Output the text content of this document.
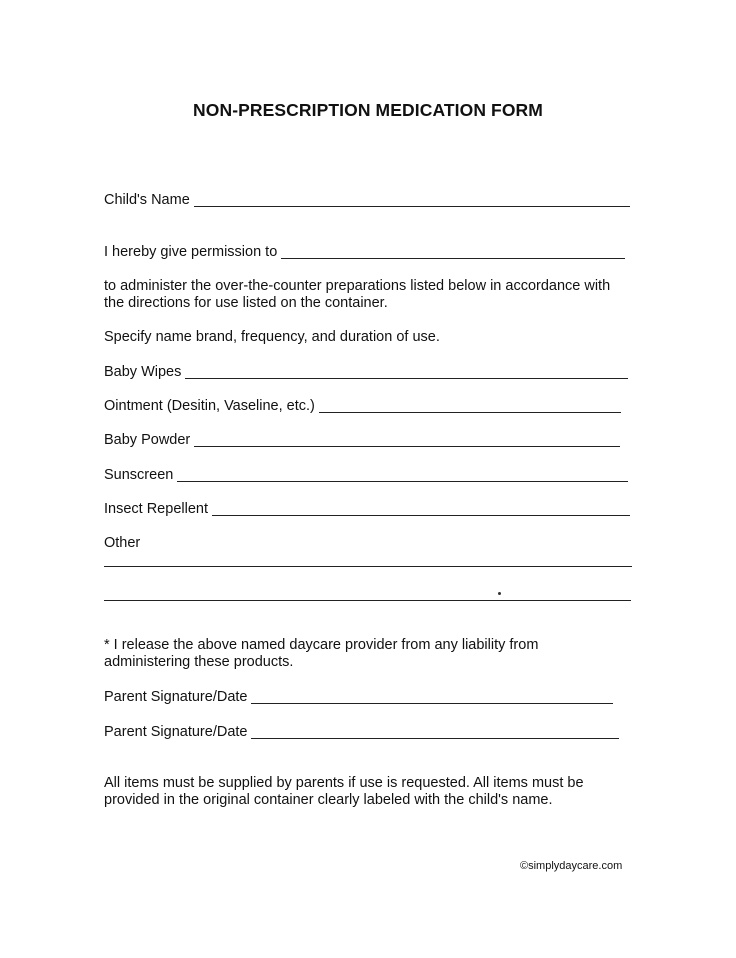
NON-PRESCRIPTION MEDICATION FORM
Child's Name
I hereby give permission to
to administer the over-the-counter preparations listed below in accordance with
the directions for use listed on the container.
Specify name brand, frequency, and duration of use.
Baby Wipes
Ointment (Desitin, Vaseline, etc.)
Baby Powder
Sunscreen
Insect Repellent
Other
* I release the above named daycare provider from any liability from
administering these products.
Parent Signature/Date
Parent Signature/Date
All items must be supplied by parents if use is requested. All items must be
provided in the original container clearly labeled with the child's name.
©simplydaycare.com
